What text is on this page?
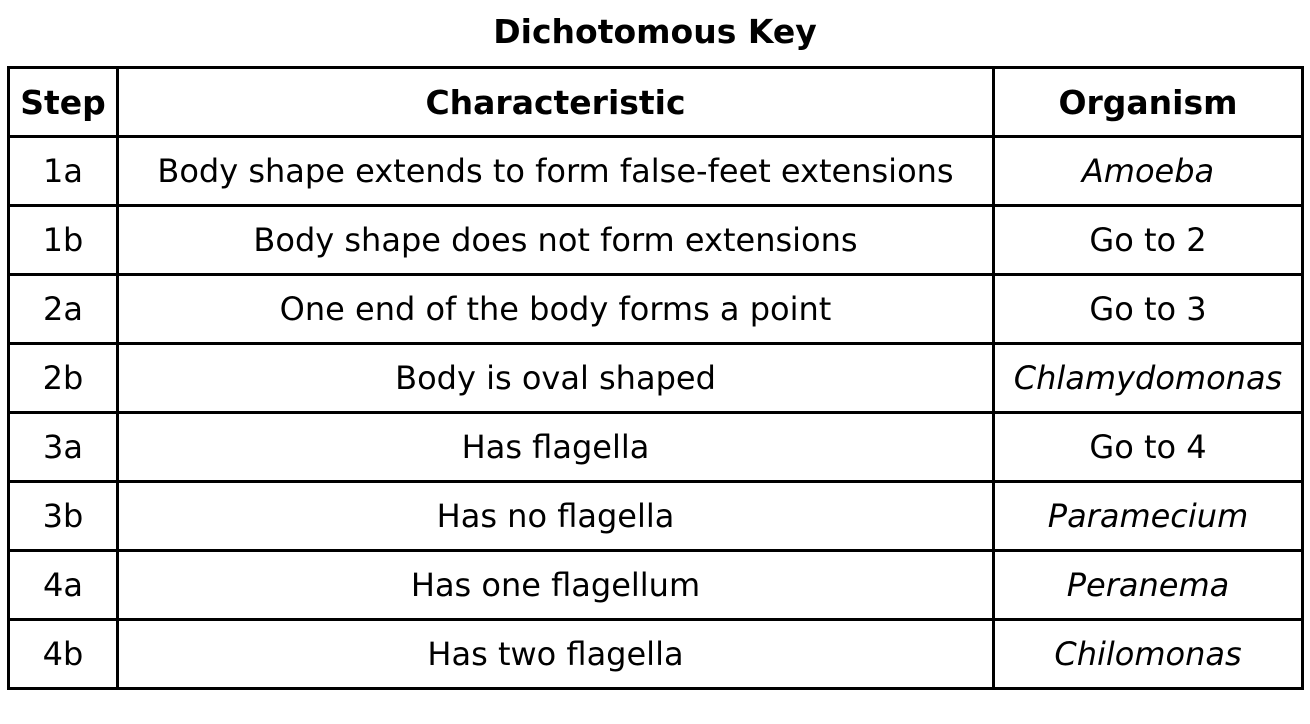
Dichotomous Key
Step	Characteristic	Organism
1a	Body shape extends to form false-feet extensions	Amoeba
1b	Body shape does not form extensions	Go to 2
2a	One end of the body forms a point	Go to 3
2b	Body is oval shaped	Chlamydomonas
3a	Has flagella	Go to 4
3b	Has no flagella	Paramecium
4a	Has one flagellum	Peranema
4b	Has two flagella	Chilomonas
